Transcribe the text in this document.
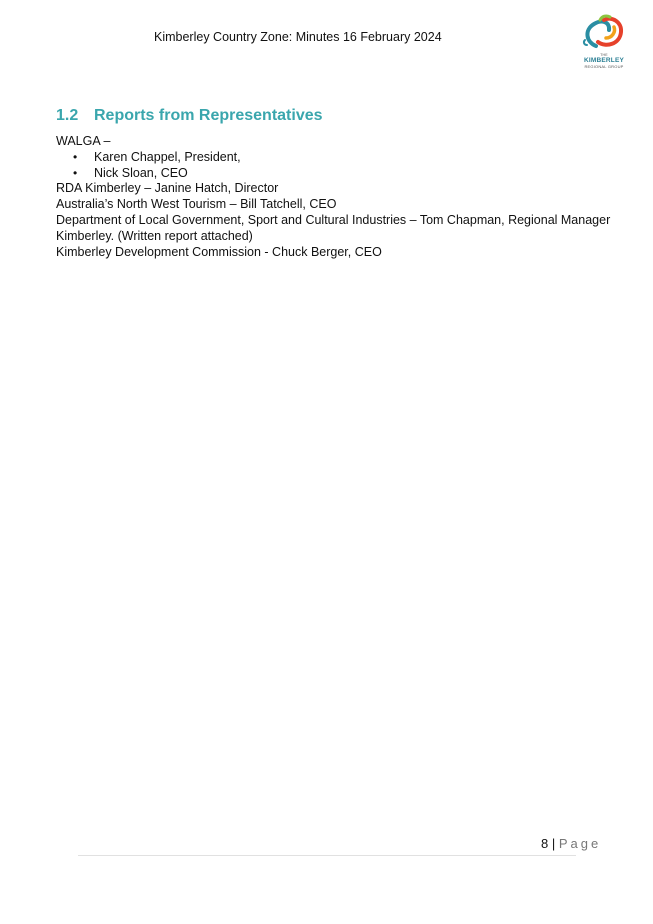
Kimberley Country Zone: Minutes 16 February 2024
THE
KIMBERLEY
REGIONAL GROUP
1.2 Reports from Representatives

WALGA –

• Karen Chappel, President,
• Nick Sloan, CEO

RDA Kimberley – Janine Hatch, Director

Australia’s North West Tourism – Bill Tatchell, CEO

Department of Local Government, Sport and Cultural Industries – Tom Chapman, Regional Manager Kimberley. (Written report attached)

Kimberley Development Commission - Chuck Berger, CEO

8 | Page
